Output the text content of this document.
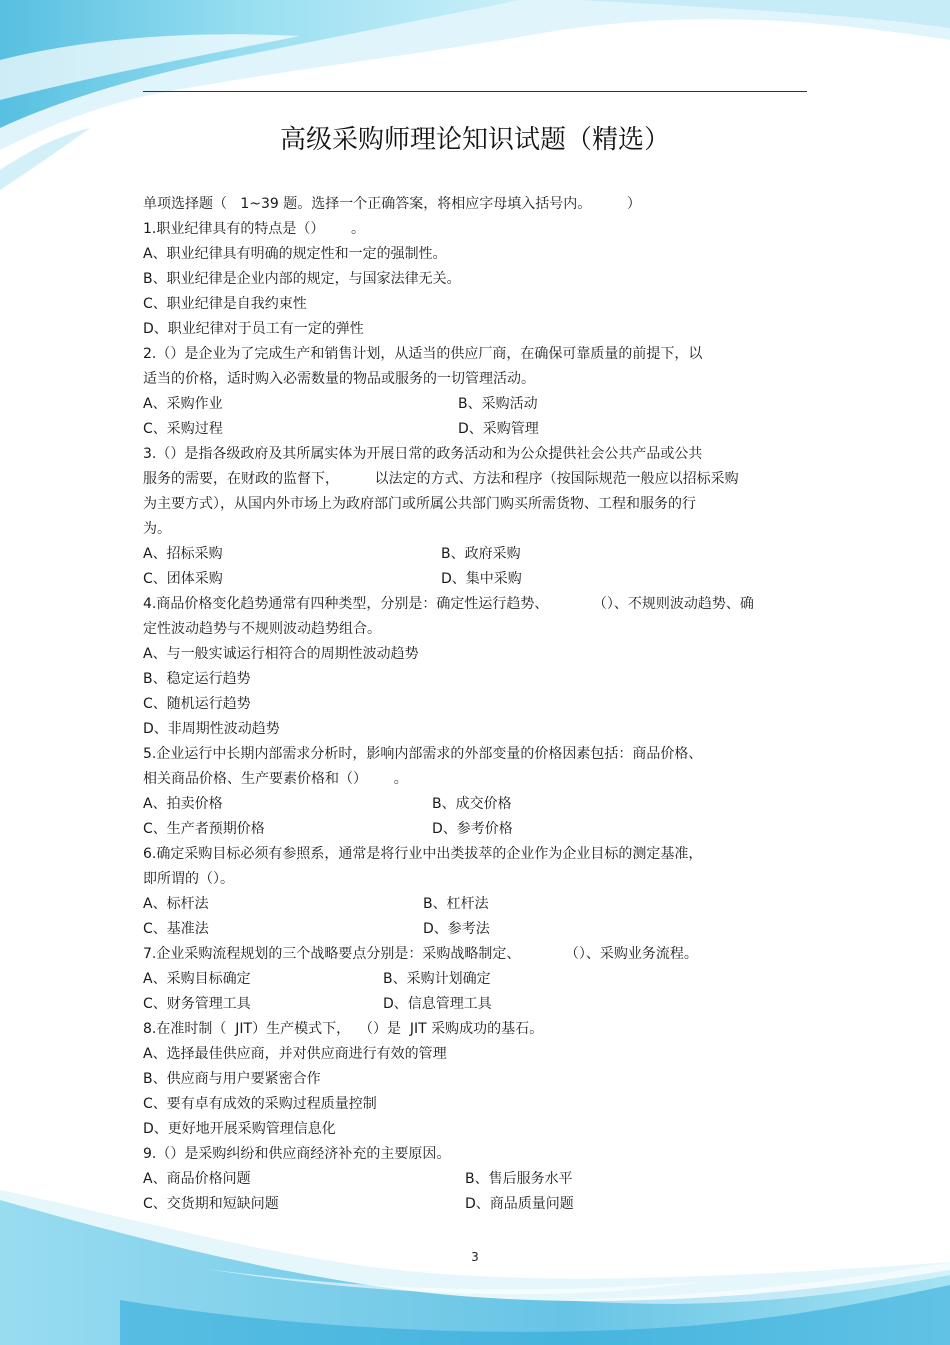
高级采购师理论知识试题（精选）
单项选择题（   1~39 题。选择一个正确答案，将相应字母填入括号内。        ）
1.职业纪律具有的特点是（）      。
A、职业纪律具有明确的规定性和一定的强制性。
B、职业纪律是企业内部的规定，与国家法律无关。
C、职业纪律是自我约束性
D、职业纪律对于员工有一定的弹性
2.（）是企业为了完成生产和销售计划，从适当的供应厂商，在确保可靠质量的前提下，以
适当的价格，适时购入必需数量的物品或服务的一切管理活动。
A、采购作业	B、采购活动
C、采购过程	D、采购管理
3.（）是指各级政府及其所属实体为开展日常的政务活动和为公众提供社会公共产品或公共
服务的需要，在财政的监督下，        以法定的方式、方法和程序（按国际规范一般应以招标采购
为主要方式），从国内外市场上为政府部门或所属公共部门购买所需货物、工程和服务的行
为。
A、招标采购	B、政府采购
C、团体采购	D、集中采购
4.商品价格变化趋势通常有四种类型，分别是：确定性运行趋势、          （）、不规则波动趋势、确
定性波动趋势与不规则波动趋势组合。
A、与一般实诚运行相符合的周期性波动趋势
B、稳定运行趋势
C、随机运行趋势
D、非周期性波动趋势
5.企业运行中长期内部需求分析时，影响内部需求的外部变量的价格因素包括：商品价格、
相关商品价格、生产要素价格和（）      。
A、拍卖价格	B、成交价格
C、生产者预期价格	D、参考价格
6.确定采购目标必须有参照系，通常是将行业中出类拔萃的企业作为企业目标的测定基准，
即所谓的（）。
A、标杆法	B、杠杆法
C、基准法	D、参考法
7.企业采购流程规划的三个战略要点分别是：采购战略制定、          （）、采购业务流程。
A、采购目标确定	B、采购计划确定
C、财务管理工具	D、信息管理工具
8.在准时制（  JIT）生产模式下，  （）是  JIT 采购成功的基石。
A、选择最佳供应商，并对供应商进行有效的管理
B、供应商与用户要紧密合作
C、要有卓有成效的采购过程质量控制
D、更好地开展采购管理信息化
9.（）是采购纠纷和供应商经济补充的主要原因。
A、商品价格问题	B、售后服务水平
C、交货期和短缺问题	D、商品质量问题
3
